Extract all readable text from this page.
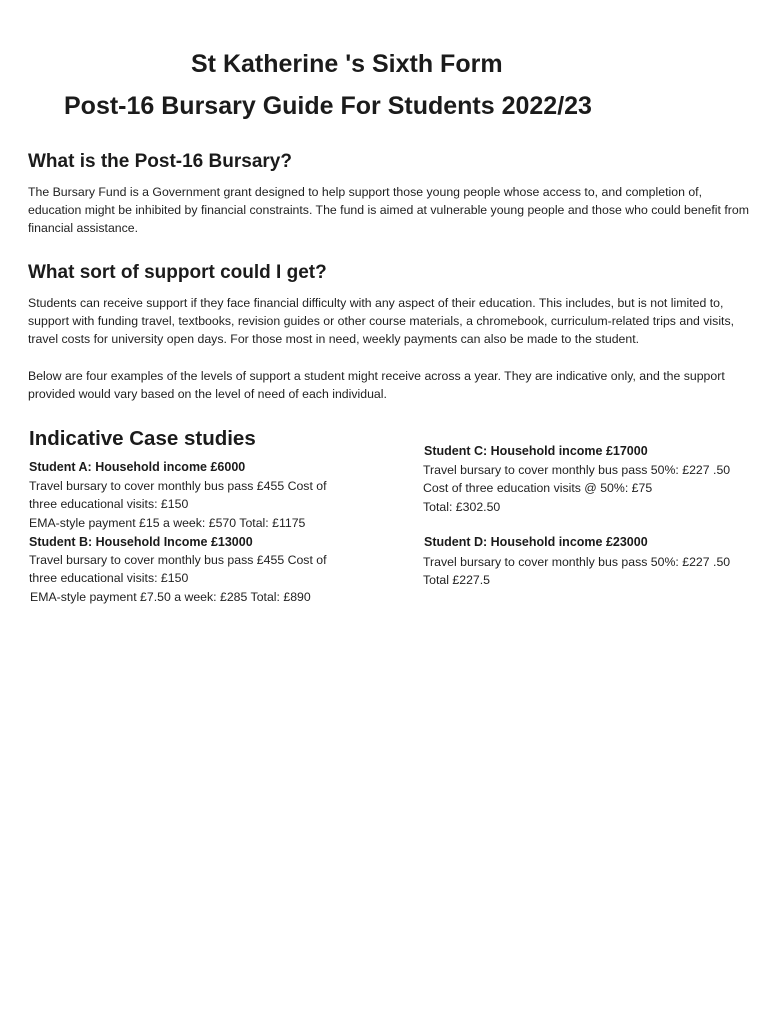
St Katherine 's Sixth Form
Post-16 Bursary Guide For Students 2022/23
What is the Post-16 Bursary?
The Bursary Fund is a Government grant designed to help support those young people whose access to, and completion of, education might be inhibited by financial constraints. The fund is aimed at vulnerable young people and those who could benefit from financial assistance.
What sort of support could I get?
Students can receive support if they face financial difficulty with any aspect of their education. This includes, but is not limited to, support with funding travel, textbooks, revision guides or other course materials, a chromebook, curriculum-related trips and visits, travel costs for university open days. For those most in need, weekly payments can also be made to the student.
Below are four examples of the levels of support a student might receive across a year. They are indicative only, and the support provided would vary based on the level of need of each individual.
Indicative Case studies
Student A: Household income £6000
Travel bursary to cover monthly bus pass £455 Cost of
three educational visits: £150
EMA-style payment £15 a week: £570 Total: £1175
Student B: Household Income £13000
Travel bursary to cover monthly bus pass £455 Cost of
three educational visits: £150
EMA-style payment £7.50 a week: £285 Total: £890
Student C: Household income £17000
Travel bursary to cover monthly bus pass 50%: £227 .50
Cost of three education visits @ 50%: £75
Total: £302.50
Student D: Household income £23000
Travel bursary to cover monthly bus pass 50%: £227 .50
Total £227.5
